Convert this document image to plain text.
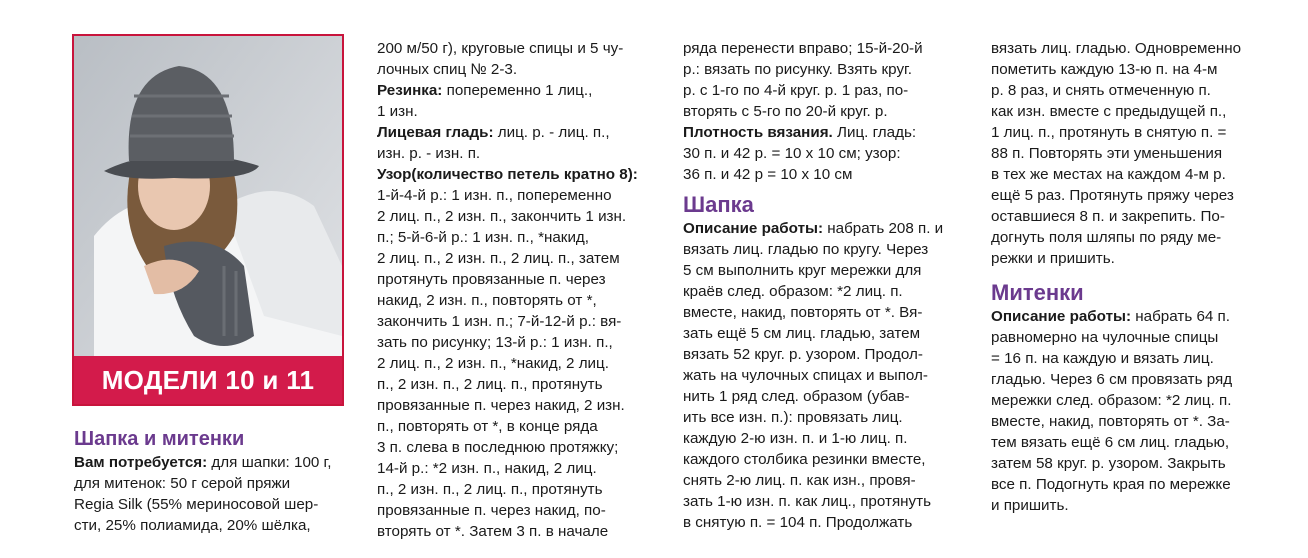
МОДЕЛИ 10 и 11
Шапка и митенки

Вам потребуется: для шапки: 100 г,

для митенок: 50 г серой пряжи

Regia Silk (55% мериносовой шер-

сти, 25% полиамида, 20% шёлка,

200 м/50 г), круговые спицы и 5 чу-

лочных спиц № 2-3.

Резинка: попеременно 1 лиц.,

1 изн.

Лицевая гладь: лиц. р. - лиц. п.,

изн. р. - изн. п.

Узор(количество петель кратно 8):

1-й-4-й р.: 1 изн. п., попеременно

2 лиц. п., 2 изн. п., закончить 1 изн.

п.; 5-й-6-й р.: 1 изн. п., *накид,

2 лиц. п., 2 изн. п., 2 лиц. п., затем

протянуть провязанные п. через

накид, 2 изн. п., повторять от *,

закончить 1 изн. п.; 7-й-12-й р.: вя-

зать по рисунку; 13-й р.: 1 изн. п.,

2 лиц. п., 2 изн. п., *накид, 2 лиц.

п., 2 изн. п., 2 лиц. п., протянуть

провязанные п. через накид, 2 изн.

п., повторять от *, в конце ряда

3 п. слева в последнюю протяжку;

14-й р.: *2 изн. п., накид, 2 лиц.

п., 2 изн. п., 2 лиц. п., протянуть

провязанные п. через накид, по-

вторять от *. Затем 3 п. в начале

ряда перенести вправо; 15-й-20-й

р.: вязать по рисунку. Взять круг.

р. с 1-го по 4-й круг. р. 1 раз, по-

вторять с 5-го по 20-й круг. р.

Плотность вязания. Лиц. гладь:

30 п. и 42 р. = 10 х 10 см; узор:

36 п. и 42 р = 10 х 10 см

Шапка

Описание работы: набрать 208 п. и

вязать лиц. гладью по кругу. Через

5 см выполнить круг мережки для

краёв след. образом: *2 лиц. п.

вместе, накид, повторять от *. Вя-

зать ещё 5 см лиц. гладью, затем

вязать 52 круг. р. узором. Продол-

жать на чулочных спицах и выпол-

нить 1 ряд след. образом (убав-

ить все изн. п.): провязать лиц.

каждую 2-ю изн. п. и 1-ю лиц. п.

каждого столбика резинки вместе,

снять 2-ю лиц. п. как изн., провя-

зать 1-ю изн. п. как лиц., протянуть

в снятую п. = 104 п. Продолжать

вязать лиц. гладью. Одновременно

пометить каждую 13-ю п. на 4-м

р. 8 раз, и снять отмеченную п.

как изн. вместе с предыдущей п.,

1 лиц. п., протянуть в снятую п. =

88 п. Повторять эти уменьшения

в тех же местах на каждом 4-м р.

ещё 5 раз. Протянуть пряжу через

оставшиеся 8 п. и закрепить. По-

догнуть поля шляпы по ряду ме-

режки и пришить.

Митенки

Описание работы: набрать 64 п.

равномерно на чулочные спицы

= 16 п. на каждую и вязать лиц.

гладью. Через 6 см провязать ряд

мережки след. образом: *2 лиц. п.

вместе, накид, повторять от *. За-

тем вязать ещё 6 см лиц. гладью,

затем 58 круг. р. узором. Закрыть

все п. Подогнуть края по мережке

и пришить.
